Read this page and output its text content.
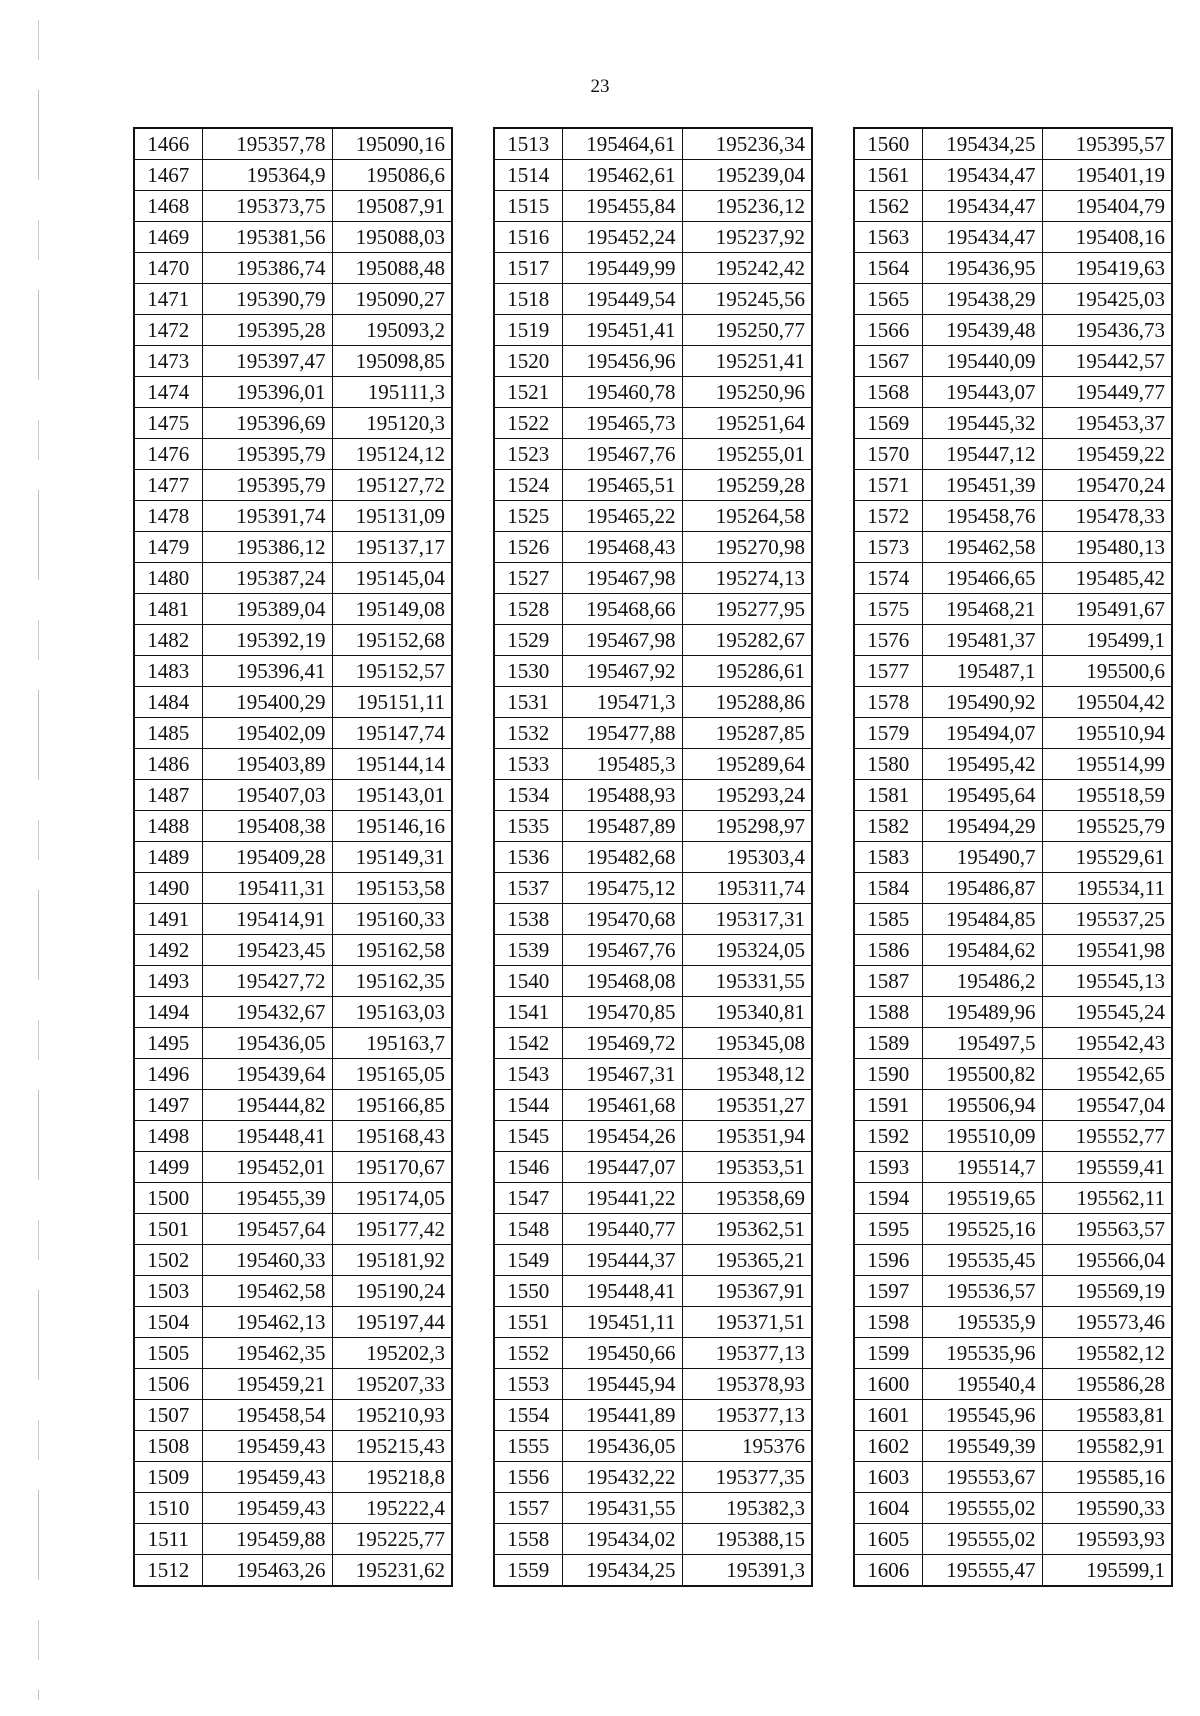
23
1466	195357,78	195090,16
1467	195364,9	195086,6
1468	195373,75	195087,91
1469	195381,56	195088,03
1470	195386,74	195088,48
1471	195390,79	195090,27
1472	195395,28	195093,2
1473	195397,47	195098,85
1474	195396,01	195111,3
1475	195396,69	195120,3
1476	195395,79	195124,12
1477	195395,79	195127,72
1478	195391,74	195131,09
1479	195386,12	195137,17
1480	195387,24	195145,04
1481	195389,04	195149,08
1482	195392,19	195152,68
1483	195396,41	195152,57
1484	195400,29	195151,11
1485	195402,09	195147,74
1486	195403,89	195144,14
1487	195407,03	195143,01
1488	195408,38	195146,16
1489	195409,28	195149,31
1490	195411,31	195153,58
1491	195414,91	195160,33
1492	195423,45	195162,58
1493	195427,72	195162,35
1494	195432,67	195163,03
1495	195436,05	195163,7
1496	195439,64	195165,05
1497	195444,82	195166,85
1498	195448,41	195168,43
1499	195452,01	195170,67
1500	195455,39	195174,05
1501	195457,64	195177,42
1502	195460,33	195181,92
1503	195462,58	195190,24
1504	195462,13	195197,44
1505	195462,35	195202,3
1506	195459,21	195207,33
1507	195458,54	195210,93
1508	195459,43	195215,43
1509	195459,43	195218,8
1510	195459,43	195222,4
1511	195459,88	195225,77
1512	195463,26	195231,62
1513	195464,61	195236,34
1514	195462,61	195239,04
1515	195455,84	195236,12
1516	195452,24	195237,92
1517	195449,99	195242,42
1518	195449,54	195245,56
1519	195451,41	195250,77
1520	195456,96	195251,41
1521	195460,78	195250,96
1522	195465,73	195251,64
1523	195467,76	195255,01
1524	195465,51	195259,28
1525	195465,22	195264,58
1526	195468,43	195270,98
1527	195467,98	195274,13
1528	195468,66	195277,95
1529	195467,98	195282,67
1530	195467,92	195286,61
1531	195471,3	195288,86
1532	195477,88	195287,85
1533	195485,3	195289,64
1534	195488,93	195293,24
1535	195487,89	195298,97
1536	195482,68	195303,4
1537	195475,12	195311,74
1538	195470,68	195317,31
1539	195467,76	195324,05
1540	195468,08	195331,55
1541	195470,85	195340,81
1542	195469,72	195345,08
1543	195467,31	195348,12
1544	195461,68	195351,27
1545	195454,26	195351,94
1546	195447,07	195353,51
1547	195441,22	195358,69
1548	195440,77	195362,51
1549	195444,37	195365,21
1550	195448,41	195367,91
1551	195451,11	195371,51
1552	195450,66	195377,13
1553	195445,94	195378,93
1554	195441,89	195377,13
1555	195436,05	195376
1556	195432,22	195377,35
1557	195431,55	195382,3
1558	195434,02	195388,15
1559	195434,25	195391,3
1560	195434,25	195395,57
1561	195434,47	195401,19
1562	195434,47	195404,79
1563	195434,47	195408,16
1564	195436,95	195419,63
1565	195438,29	195425,03
1566	195439,48	195436,73
1567	195440,09	195442,57
1568	195443,07	195449,77
1569	195445,32	195453,37
1570	195447,12	195459,22
1571	195451,39	195470,24
1572	195458,76	195478,33
1573	195462,58	195480,13
1574	195466,65	195485,42
1575	195468,21	195491,67
1576	195481,37	195499,1
1577	195487,1	195500,6
1578	195490,92	195504,42
1579	195494,07	195510,94
1580	195495,42	195514,99
1581	195495,64	195518,59
1582	195494,29	195525,79
1583	195490,7	195529,61
1584	195486,87	195534,11
1585	195484,85	195537,25
1586	195484,62	195541,98
1587	195486,2	195545,13
1588	195489,96	195545,24
1589	195497,5	195542,43
1590	195500,82	195542,65
1591	195506,94	195547,04
1592	195510,09	195552,77
1593	195514,7	195559,41
1594	195519,65	195562,11
1595	195525,16	195563,57
1596	195535,45	195566,04
1597	195536,57	195569,19
1598	195535,9	195573,46
1599	195535,96	195582,12
1600	195540,4	195586,28
1601	195545,96	195583,81
1602	195549,39	195582,91
1603	195553,67	195585,16
1604	195555,02	195590,33
1605	195555,02	195593,93
1606	195555,47	195599,1
